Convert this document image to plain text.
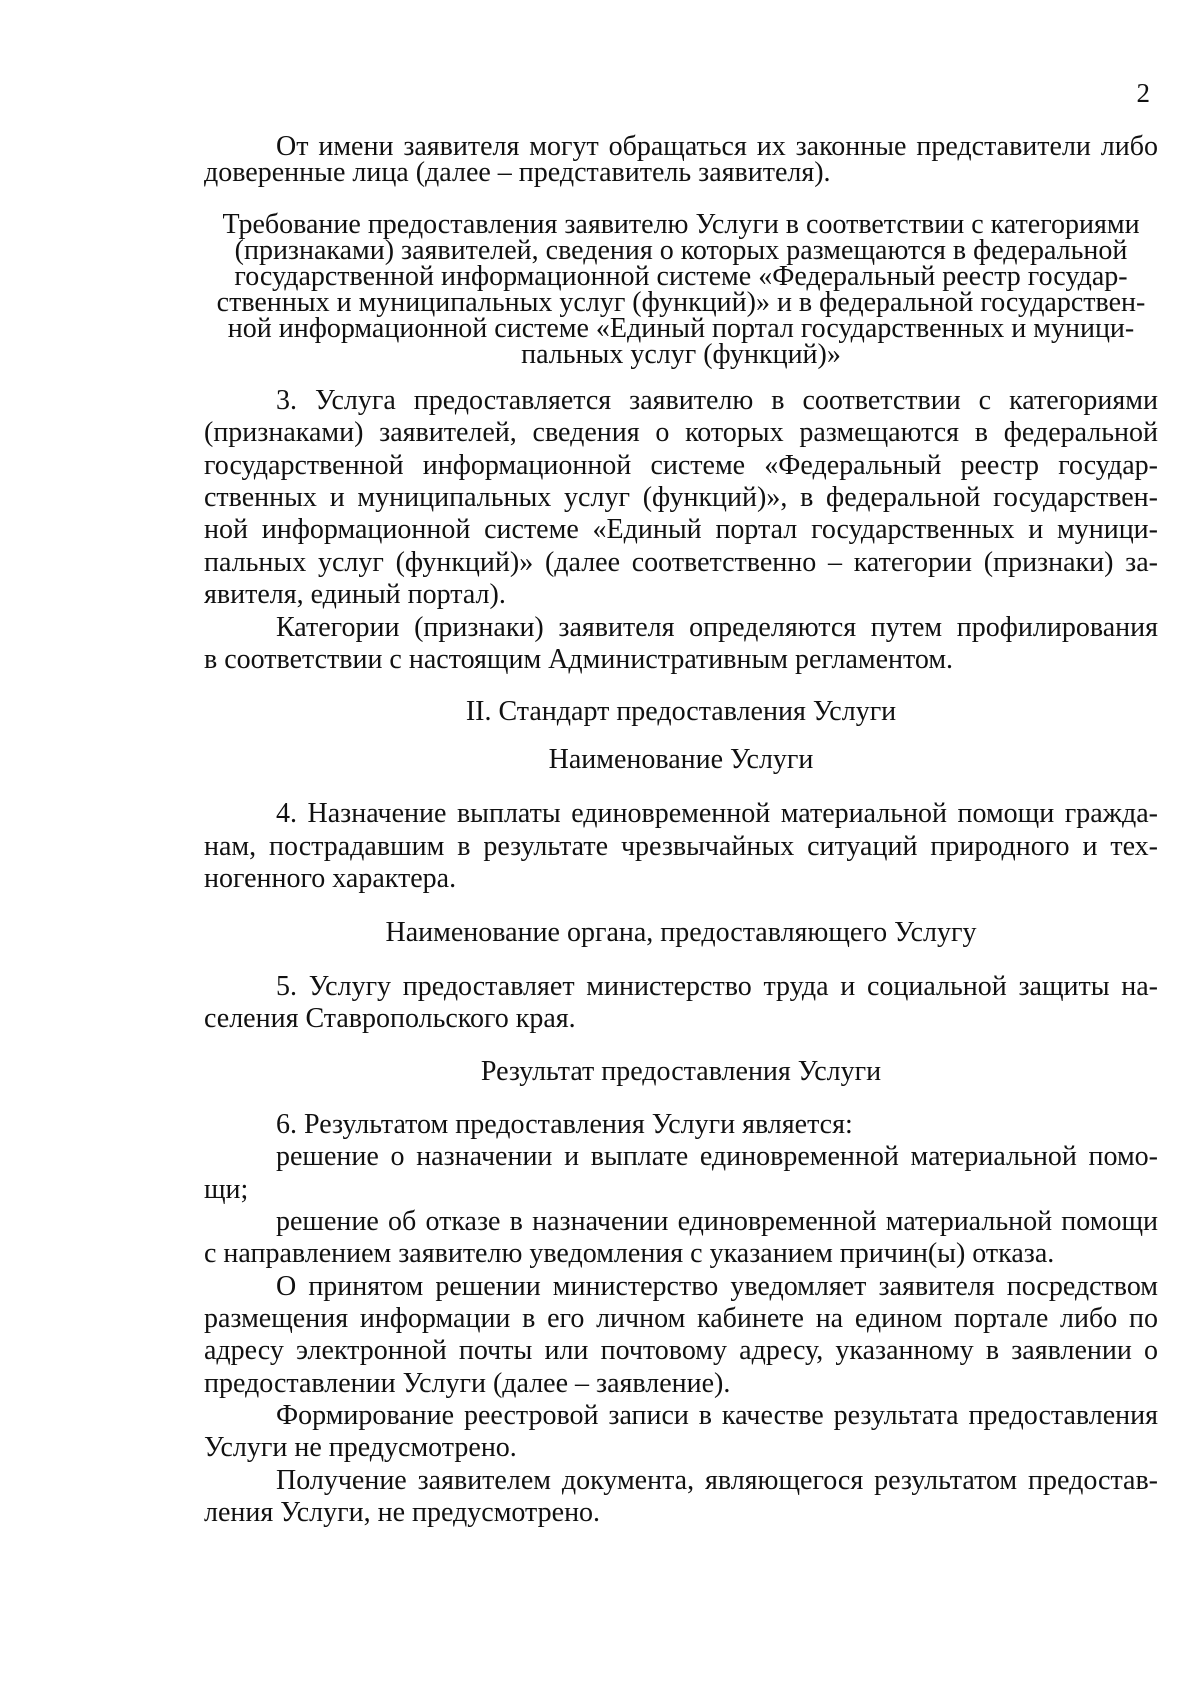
2
От имени заявителя могут обращаться их законные представители либо
доверенные лица (далее – представитель заявителя).
Требование предоставления заявителю Услуги в соответствии с категориями
(признаками) заявителей, сведения о которых размещаются в федеральной
государственной информационной системе «Федеральный реестр государ-
ственных и муниципальных услуг (функций)» и в федеральной государствен-
ной информационной системе «Единый портал государственных и муници-
пальных услуг (функций)»
3. Услуга предоставляется заявителю в соответствии с категориями
(признаками) заявителей, сведения о которых размещаются в федеральной
государственной информационной системе «Федеральный реестр государ-
ственных и муниципальных услуг (функций)», в федеральной государствен-
ной информационной системе «Единый портал государственных и муници-
пальных услуг (функций)» (далее соответственно – категории (признаки) за-
явителя, единый портал).
Категории (признаки) заявителя определяются путем профилирования
в соответствии с настоящим Административным регламентом.
II. Стандарт предоставления Услуги
Наименование Услуги
4. Назначение выплаты единовременной материальной помощи гражда-
нам, пострадавшим в результате чрезвычайных ситуаций природного и тех-
ногенного характера.
Наименование органа, предоставляющего Услугу
5. Услугу предоставляет министерство труда и социальной защиты на-
селения Ставропольского края.
Результат предоставления Услуги
6. Результатом предоставления Услуги является:
решение о назначении и выплате единовременной материальной помо-
щи;
решение об отказе в назначении единовременной материальной помощи
с направлением заявителю уведомления с указанием причин(ы) отказа.
О принятом решении министерство уведомляет заявителя посредством
размещения информации в его личном кабинете на едином портале либо по
адресу электронной почты или почтовому адресу, указанному в заявлении о
предоставлении Услуги (далее – заявление).
Формирование реестровой записи в качестве результата предоставления
Услуги не предусмотрено.
Получение заявителем документа, являющегося результатом предостав-
ления Услуги, не предусмотрено.
